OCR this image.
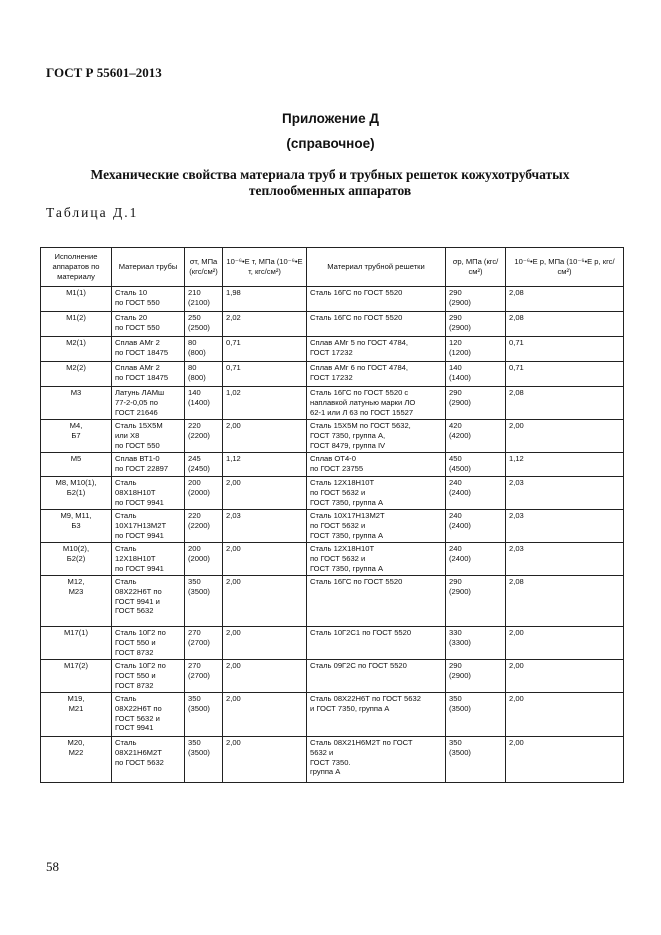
ГОСТ Р 55601–2013
Приложение Д
(справочное)
Механические свойства материала труб и трубных решеток кожухотрубчатых теплообменных аппаратов
Таблица Д.1
Исполнение аппаратов по материалу	Материал трубы	σт, МПа (кгс/см²)	10⁻⁶•Е т, МПа (10⁻⁶•Е т, кгс/см²)	Материал трубной решетки	σр, МПа (кгс/см²)	10⁻⁶•Е р, МПа (10⁻⁶•Е р, кгс/см²)
М1(1)	Сталь 10
по ГОСТ 550	210
(2100)	1,98	Сталь 16ГС по ГОСТ 5520	290
(2900)	2,08
М1(2)	Сталь 20
по ГОСТ 550	250
(2500)	2,02	Сталь 16ГС по ГОСТ 5520	290
(2900)	2,08
М2(1)	Сплав АМг 2
по ГОСТ 18475	80
(800)	0,71	Сплав АМг 5 по ГОСТ 4784,
ГОСТ 17232	120
(1200)	0,71
М2(2)	Сплав АМг 2
по ГОСТ 18475	80
(800)	0,71	Сплав АМг 6 по ГОСТ 4784,
ГОСТ 17232	140
(1400)	0,71
М3	Латунь ЛАМш
77-2-0,05 по
ГОСТ 21646	140
(1400)	1,02	Сталь 16ГС по ГОСТ 5520 с
наплавкой латунью марки ЛО
62-1 или Л 63 по ГОСТ 15527	290
(2900)	2,08
М4,
Б7	Сталь 15Х5М
или Х8
по ГОСТ 550	220
(2200)	2,00	Сталь 15Х5М по ГОСТ 5632,
ГОСТ 7350, группа А,
ГОСТ 8479, группа IV	420
(4200)	2,00
М5	Сплав ВТ1-0
по ГОСТ 22897	245
(2450)	1,12	Сплав ОТ4-0
по ГОСТ 23755	450
(4500)	1,12
М8, М10(1),
Б2(1)	Сталь
08Х18Н10Т
по ГОСТ 9941	200
(2000)	2,00	Сталь 12Х18Н10Т
по ГОСТ 5632 и
ГОСТ 7350, группа А	240
(2400)	2,03
М9, М11,
Б3	Сталь
10Х17Н13М2Т
по ГОСТ 9941	220
(2200)	2,03	Сталь 10Х17Н13М2Т
по ГОСТ 5632 и
ГОСТ 7350, группа А	240
(2400)	2,03
М10(2),
Б2(2)	Сталь
12Х18Н10Т
по ГОСТ 9941	200
(2000)	2,00	Сталь 12Х18Н10Т
по ГОСТ 5632 и
ГОСТ 7350, группа А	240
(2400)	2,03
М12,
М23	Сталь
08Х22Н6Т по
ГОСТ 9941 и
ГОСТ 5632	350
(3500)	2,00	Сталь 16ГС по ГОСТ 5520	290
(2900)	2,08
М17(1)	Сталь 10Г2 по
ГОСТ 550 и
ГОСТ 8732	270
(2700)	2,00	Сталь 10Г2С1 по ГОСТ 5520	330
(3300)	2,00
М17(2)	Сталь 10Г2 по
ГОСТ 550 и
ГОСТ 8732	270
(2700)	2,00	Сталь 09Г2С по ГОСТ 5520	290
(2900)	2,00
М19,
М21	Сталь
08Х22Н6Т по
ГОСТ 5632 и
ГОСТ 9941	350
(3500)	2,00	Сталь 08Х22Н6Т по ГОСТ 5632
и ГОСТ 7350, группа А	350
(3500)	2,00
М20,
М22	Сталь
08Х21Н6М2Т
по ГОСТ 5632	350
(3500)	2,00	Сталь 08Х21Н6М2Т по ГОСТ
5632 и
ГОСТ 7350.
группа А	350
(3500)	2,00
58
